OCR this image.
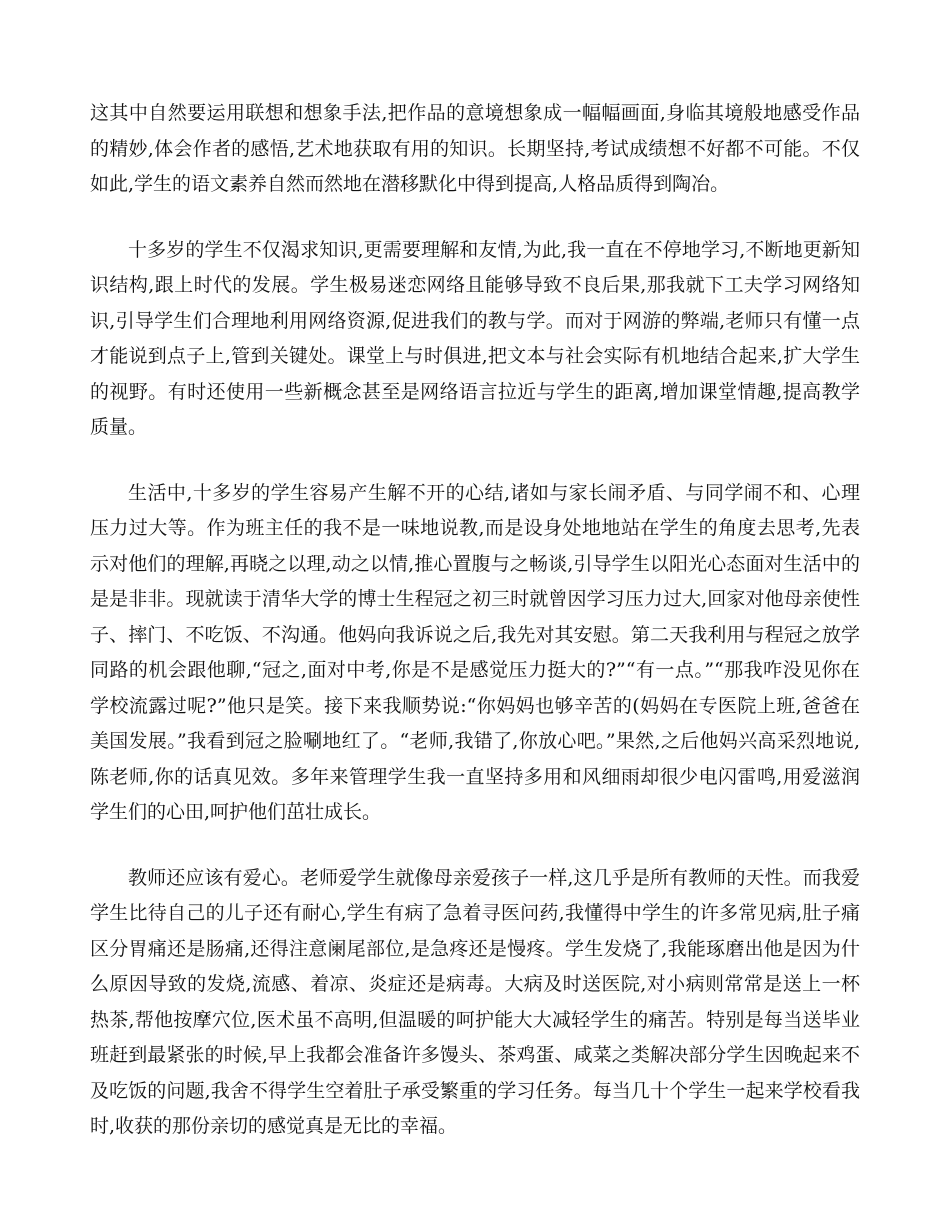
这其中自然要运用联想和想象手法,把作品的意境想象成一幅幅画面,身临其境般地感受作品的精妙,体会作者的感悟,艺术地获取有用的知识。长期坚持,考试成绩想不好都不可能。不仅如此,学生的语文素养自然而然地在潜移默化中得到提高,人格品质得到陶冶。

十多岁的学生不仅渴求知识,更需要理解和友情,为此,我一直在不停地学习,不断地更新知识结构,跟上时代的发展。学生极易迷恋网络且能够导致不良后果,那我就下工夫学习网络知识,引导学生们合理地利用网络资源,促进我们的教与学。而对于网游的弊端,老师只有懂一点才能说到点子上,管到关键处。课堂上与时俱进,把文本与社会实际有机地结合起来,扩大学生的视野。有时还使用一些新概念甚至是网络语言拉近与学生的距离,增加课堂情趣,提高教学质量。

生活中,十多岁的学生容易产生解不开的心结,诸如与家长闹矛盾、与同学闹不和、心理压力过大等。作为班主任的我不是一味地说教,而是设身处地地站在学生的角度去思考,先表示对他们的理解,再晓之以理,动之以情,推心置腹与之畅谈,引导学生以阳光心态面对生活中的是是非非。现就读于清华大学的博士生程冠之初三时就曾因学习压力过大,回家对他母亲使性子、摔门、不吃饭、不沟通。他妈向我诉说之后,我先对其安慰。第二天我利用与程冠之放学同路的机会跟他聊,“冠之,面对中考,你是不是感觉压力挺大的?”“有一点。”“那我咋没见你在学校流露过呢?”他只是笑。接下来我顺势说:“你妈妈也够辛苦的(妈妈在专医院上班,爸爸在美国发展。”我看到冠之脸唰地红了。“老师,我错了,你放心吧。”果然,之后他妈兴高采烈地说,陈老师,你的话真见效。多年来管理学生我一直坚持多用和风细雨却很少电闪雷鸣,用爱滋润学生们的心田,呵护他们茁壮成长。

教师还应该有爱心。老师爱学生就像母亲爱孩子一样,这几乎是所有教师的天性。而我爱学生比待自己的儿子还有耐心,学生有病了急着寻医问药,我懂得中学生的许多常见病,肚子痛区分胃痛还是肠痛,还得注意阑尾部位,是急疼还是慢疼。学生发烧了,我能琢磨出他是因为什么原因导致的发烧,流感、着凉、炎症还是病毒。大病及时送医院,对小病则常常是送上一杯热茶,帮他按摩穴位,医术虽不高明,但温暖的呵护能大大减轻学生的痛苦。特别是每当送毕业班赶到最紧张的时候,早上我都会准备许多馒头、茶鸡蛋、咸菜之类解决部分学生因晚起来不及吃饭的问题,我舍不得学生空着肚子承受繁重的学习任务。每当几十个学生一起来学校看我时,收获的那份亲切的感觉真是无比的幸福。
